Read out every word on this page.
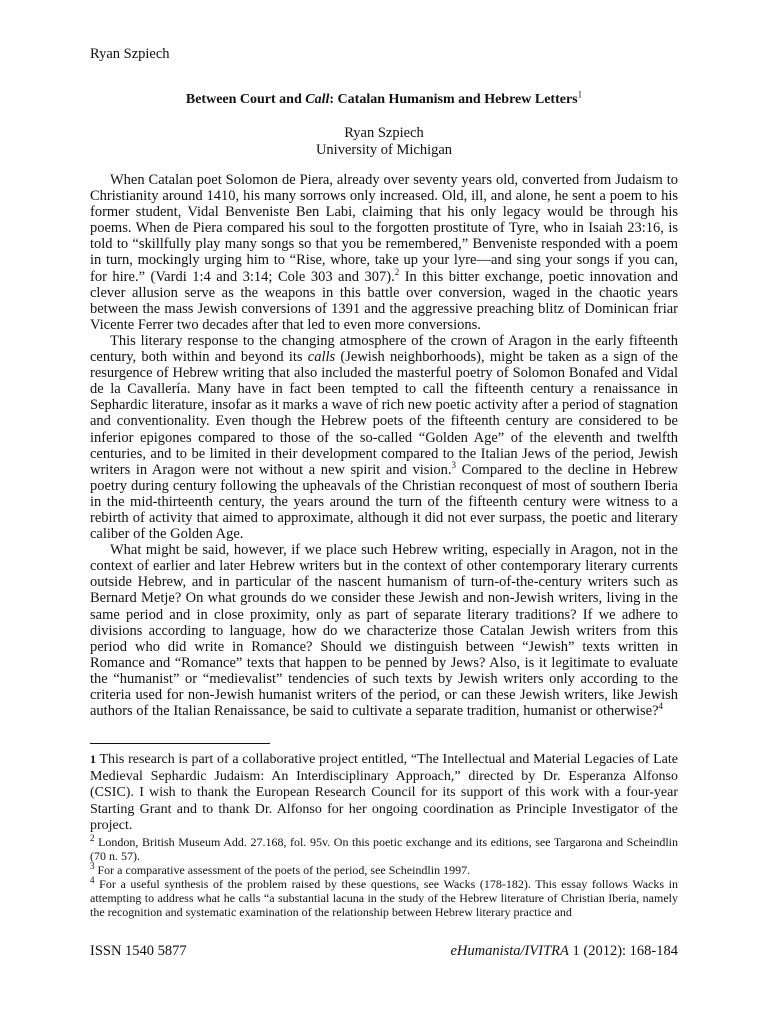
Ryan Szpiech
Between Court and Call: Catalan Humanism and Hebrew Letters$^1$
Ryan Szpiech
University of Michigan

When Catalan poet Solomon de Piera, already over seventy years old, converted from Judaism to Christianity around 1410, his many sorrows only increased. Old, ill, and alone, he sent a poem to his former student, Vidal Benveniste Ben Labi, claiming that his only legacy would be through his poems. When de Piera compared his soul to the forgotten prostitute of Tyre, who in Isaiah 23:16, is told to “skillfully play many songs so that you be remembered,” Benveniste responded with a poem in turn, mockingly urging him to “Rise, whore, take up your lyre—and sing your songs if you can, for hire.” (Vardi 1:4 and 3:14; Cole 303 and 307).$^2$ In this bitter exchange, poetic innovation and clever allusion serve as the weapons in this battle over conversion, waged in the chaotic years between the mass Jewish conversions of 1391 and the aggressive preaching blitz of Dominican friar Vicente Ferrer two decades after that led to even more conversions.

This literary response to the changing atmosphere of the crown of Aragon in the early fifteenth century, both within and beyond its calls (Jewish neighborhoods), might be taken as a sign of the resurgence of Hebrew writing that also included the masterful poetry of Solomon Bonafed and Vidal de la Cavallería. Many have in fact been tempted to call the fifteenth century a renaissance in Sephardic literature, insofar as it marks a wave of rich new poetic activity after a period of stagnation and conventionality. Even though the Hebrew poets of the fifteenth century are considered to be inferior epigones compared to those of the so-called “Golden Age” of the eleventh and twelfth centuries, and to be limited in their development compared to the Italian Jews of the period, Jewish writers in Aragon were not without a new spirit and vision.$^3$ Compared to the decline in Hebrew poetry during century following the upheavals of the Christian reconquest of most of southern Iberia in the mid-thirteenth century, the years around the turn of the fifteenth century were witness to a rebirth of activity that aimed to approximate, although it did not ever surpass, the poetic and literary caliber of the Golden Age.

What might be said, however, if we place such Hebrew writing, especially in Aragon, not in the context of earlier and later Hebrew writers but in the context of other contemporary literary currents outside Hebrew, and in particular of the nascent humanism of turn-of-the-century writers such as Bernard Metje? On what grounds do we consider these Jewish and non-Jewish writers, living in the same period and in close proximity, only as part of separate literary traditions? If we adhere to divisions according to language, how do we characterize those Catalan Jewish writers from this period who did write in Romance? Should we distinguish between “Jewish” texts written in Romance and “Romance” texts that happen to be penned by Jews? Also, is it legitimate to evaluate the “humanist” or “medievalist” tendencies of such texts by Jewish writers only according to the criteria used for non-Jewish humanist writers of the period, or can these Jewish writers, like Jewish authors of the Italian Renaissance, be said to cultivate a separate tradition, humanist or otherwise?$^4$

1 This research is part of a collaborative project entitled, “The Intellectual and Material Legacies of Late Medieval Sephardic Judaism: An Interdisciplinary Approach,” directed by Dr. Esperanza Alfonso (CSIC). I wish to thank the European Research Council for its support of this work with a four-year Starting Grant and to thank Dr. Alfonso for her ongoing coordination as Principle Investigator of the project.

$^2$ London, British Museum Add. 27.168, fol. 95v. On this poetic exchange and its editions, see Targarona and Scheindlin (70 n. 57).

$^3$ For a comparative assessment of the poets of the period, see Scheindlin 1997.

$^4$ For a useful synthesis of the problem raised by these questions, see Wacks (178-182). This essay follows Wacks in attempting to address what he calls “a substantial lacuna in the study of the Hebrew literature of Christian Iberia, namely the recognition and systematic examination of the relationship between Hebrew literary practice and

ISSN 1540 5877	eHumanista/IVITRA 1 (2012): 168-184
